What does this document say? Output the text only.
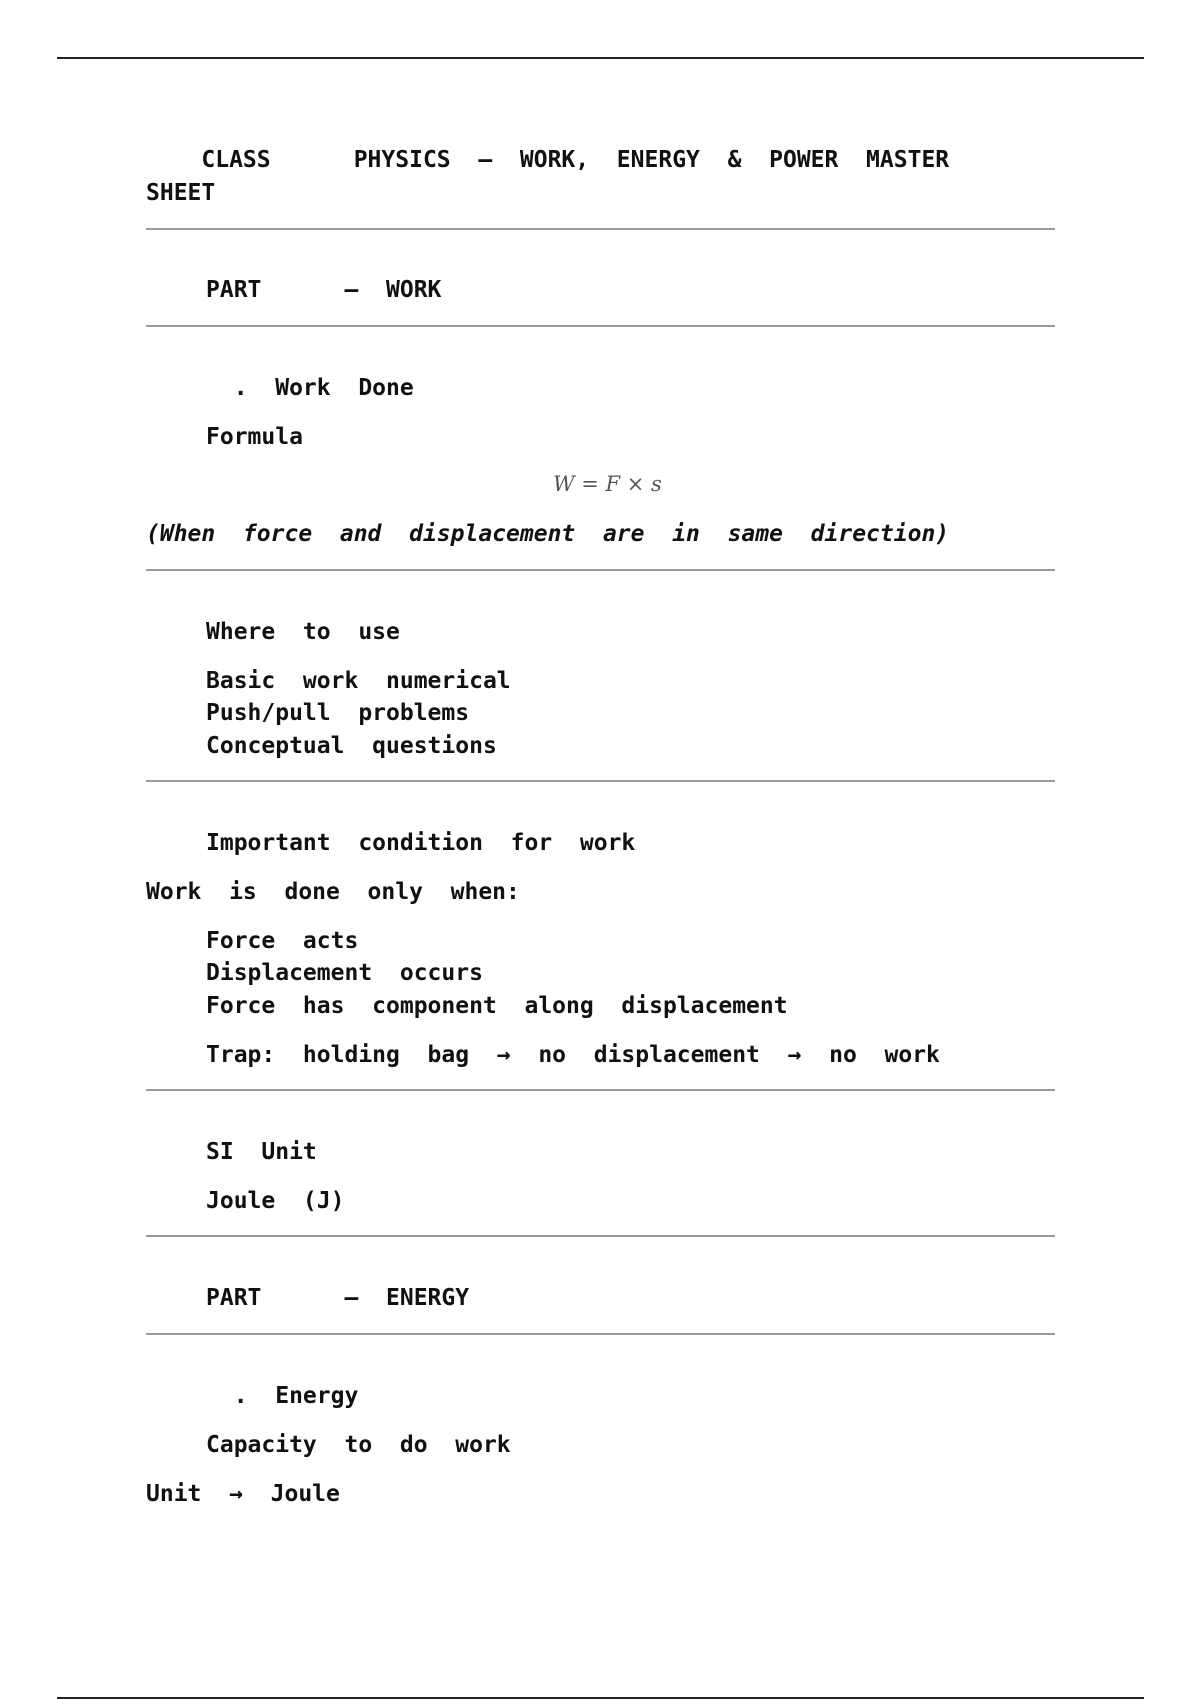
CLASS      PHYSICS  —  WORK,  ENERGY  &  POWER  MASTER
SHEET
PART      —  WORK
.  Work  Done
Formula
W = F × s
(When  force  and  displacement  are  in  same  direction)
Where  to  use
Basic  work  numerical
Push/pull  problems
Conceptual  questions
Important  condition  for  work
Work  is  done  only  when:
Force  acts
Displacement  occurs
Force  has  component  along  displacement
Trap:  holding  bag  →  no  displacement  →  no  work
SI  Unit
Joule  (J)
PART      —  ENERGY
.  Energy
Capacity  to  do  work
Unit  →  Joule
